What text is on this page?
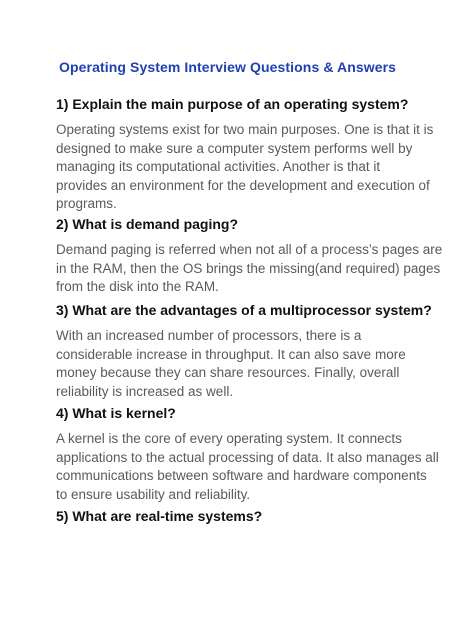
Operating System Interview Questions & Answers
1) Explain the main purpose of an operating system?
Operating systems exist for two main purposes. One is that it is
designed to make sure a computer system performs well by
managing its computational activities. Another is that it
provides an environment for the development and execution of
programs.
2) What is demand paging?
Demand paging is referred when not all of a process’s pages are
in the RAM, then the OS brings the missing(and required) pages
from the disk into the RAM.
3) What are the advantages of a multiprocessor system?
With an increased number of processors, there is a
considerable increase in throughput. It can also save more
money because they can share resources. Finally, overall
reliability is increased as well.
4) What is kernel?
A kernel is the core of every operating system. It connects
applications to the actual processing of data. It also manages all
communications between software and hardware components
to ensure usability and reliability.
5) What are real-time systems?
